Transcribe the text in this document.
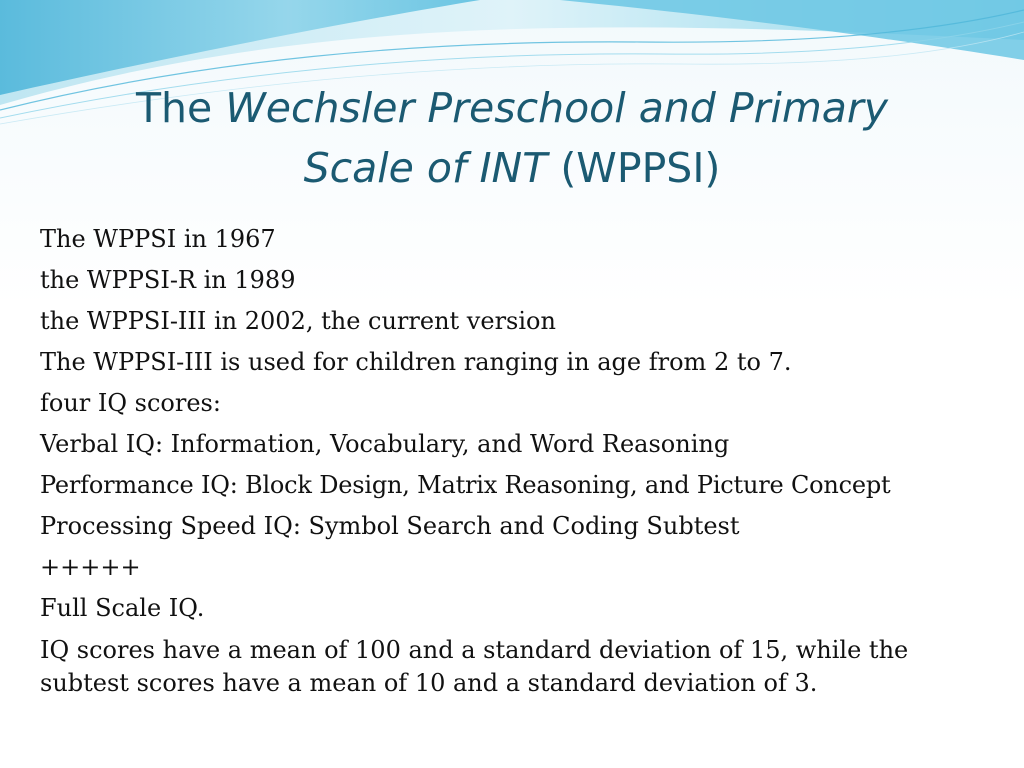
The Wechsler Preschool and Primary
Scale of INT (WPPSI)
The WPPSI in 1967
the WPPSI-R in 1989
the WPPSI-III in 2002, the current version
The WPPSI-III is used for children ranging in age from 2 to 7.
four IQ scores:
Verbal IQ: Information, Vocabulary, and Word Reasoning
Performance IQ: Block Design, Matrix Reasoning, and Picture Concept
Processing Speed IQ: Symbol Search and Coding Subtest
+++++
Full Scale IQ.
IQ scores have a mean of 100 and a standard deviation of 15, while the subtest scores have a mean of 10 and a standard deviation of 3.
